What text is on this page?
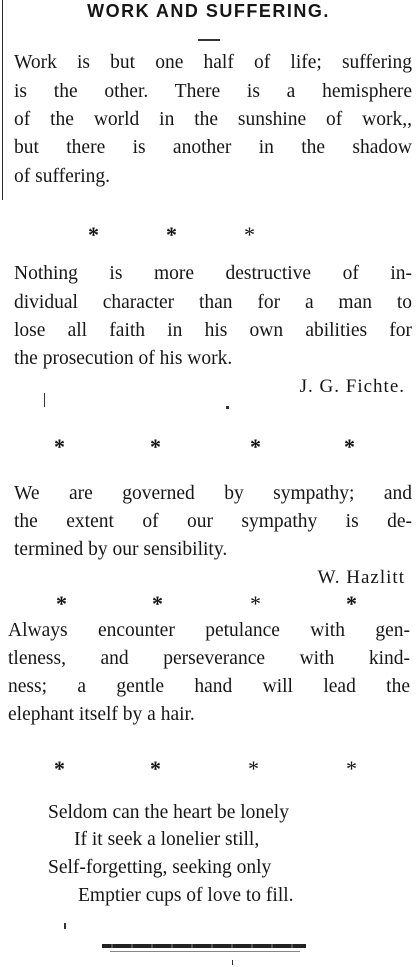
WORK AND SUFFERING.
Work is but one half of life; suffering
is the other. There is a hemisphere
of the world in the sunshine of work,,
but there is another in the shadow
of suffering.
*	*	*
Nothing is more destructive of in-
dividual character than for a man to
lose all faith in his own abilities for
the prosecution of his work.
J. G. Fichte.
*	*	*	*
We are governed by sympathy; and
the extent of our sympathy is de-
termined by our sensibility.
W. Hazlitt
*	*	*	*
Always encounter petulance with gen-
tleness, and perseverance with kind-
ness; a gentle hand will lead the
elephant itself by a hair.
*	*	*	*
Seldom can the heart be lonely
If it seek a lonelier still,
Self-forgetting, seeking only
Emptier cups of love to fill.
